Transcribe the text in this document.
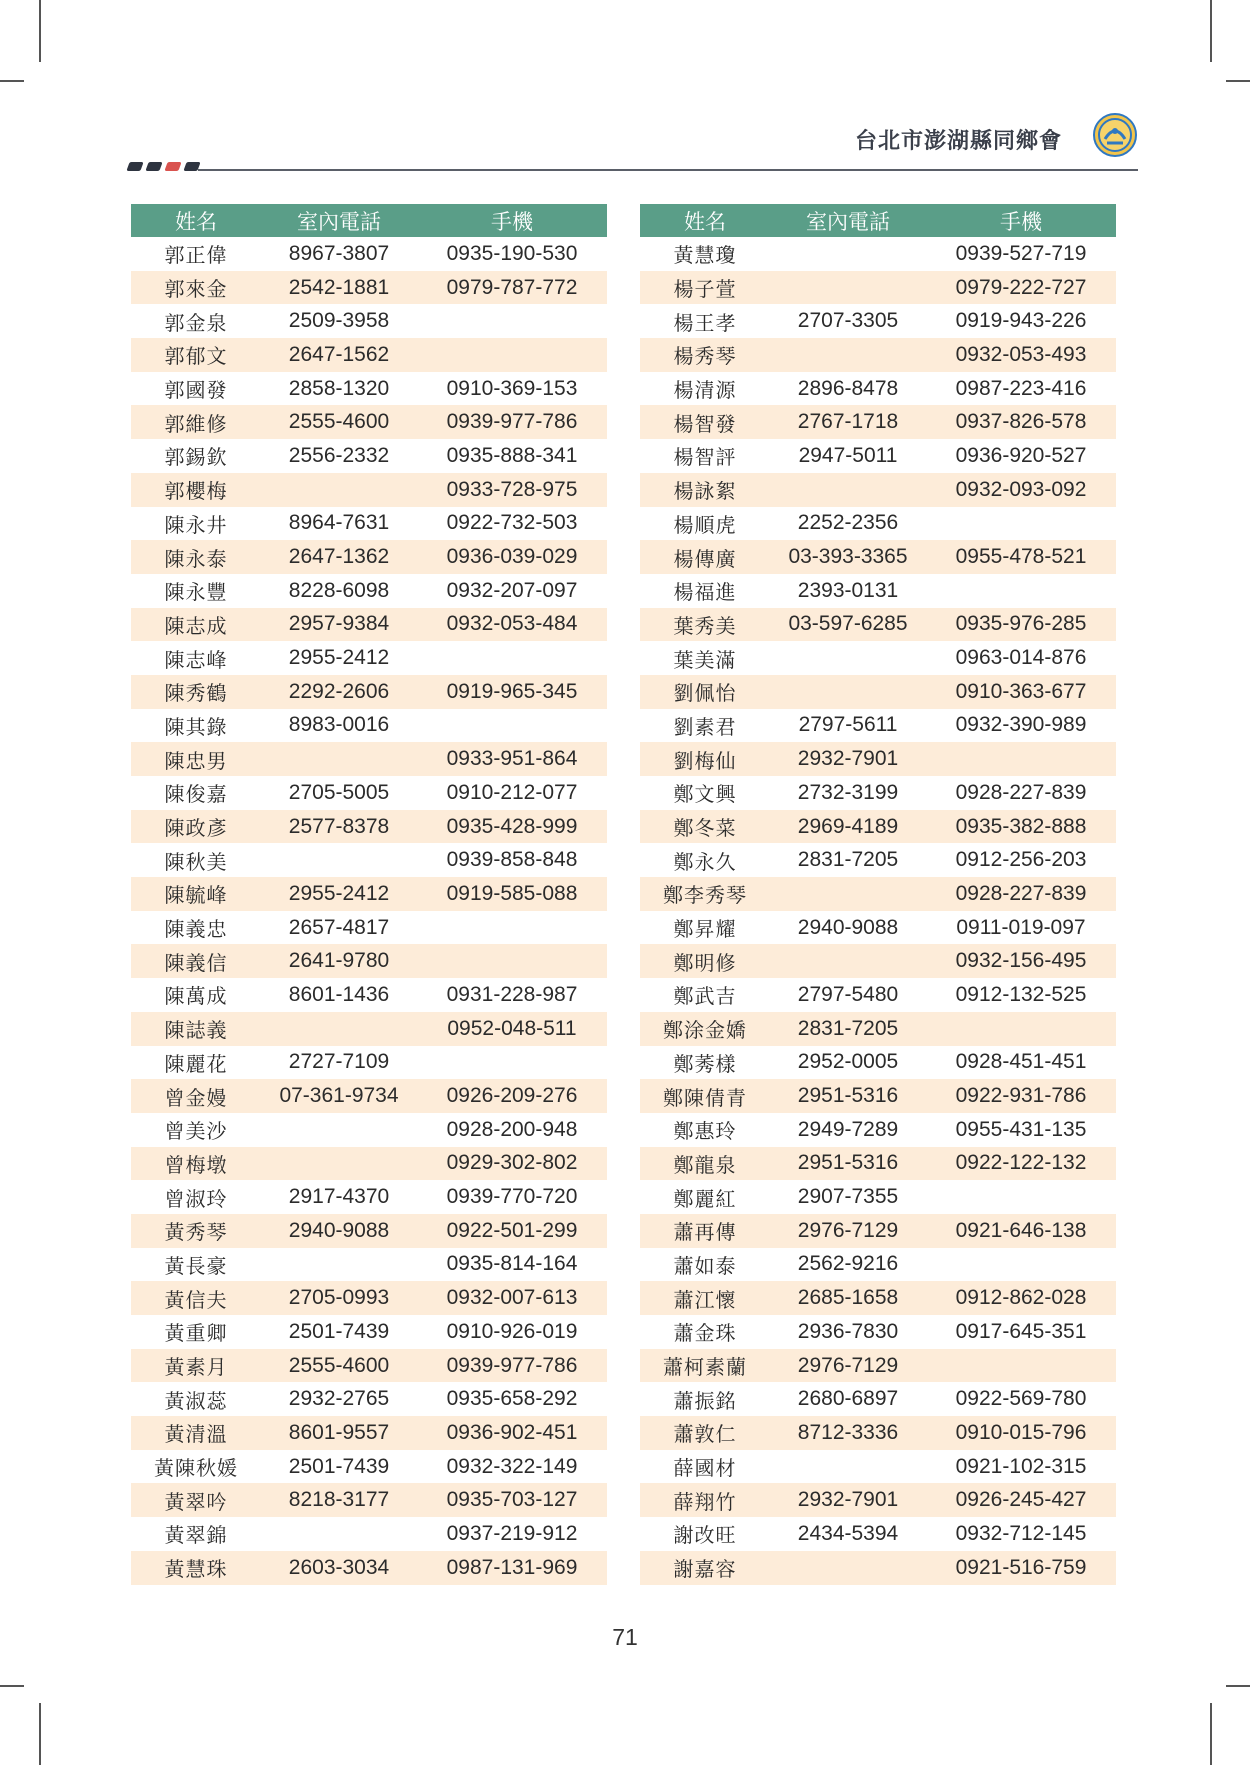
台北市澎湖縣同鄉會
姓名	室內電話	手機
郭正偉	8967-3807	0935-190-530
郭來金	2542-1881	0979-787-772
郭金泉	2509-3958	
郭郁文	2647-1562	
郭國發	2858-1320	0910-369-153
郭維修	2555-4600	0939-977-786
郭錫欽	2556-2332	0935-888-341
郭櫻梅		0933-728-975
陳永井	8964-7631	0922-732-503
陳永泰	2647-1362	0936-039-029
陳永豐	8228-6098	0932-207-097
陳志成	2957-9384	0932-053-484
陳志峰	2955-2412	
陳秀鶴	2292-2606	0919-965-345
陳其錄	8983-0016	
陳忠男		0933-951-864
陳俊嘉	2705-5005	0910-212-077
陳政彥	2577-8378	0935-428-999
陳秋美		0939-858-848
陳毓峰	2955-2412	0919-585-088
陳義忠	2657-4817	
陳義信	2641-9780	
陳萬成	8601-1436	0931-228-987
陳誌義		0952-048-511
陳麗花	2727-7109	
曾金嫚	07-361-9734	0926-209-276
曾美沙		0928-200-948
曾梅墩		0929-302-802
曾淑玲	2917-4370	0939-770-720
黃秀琴	2940-9088	0922-501-299
黃長豪		0935-814-164
黃信夫	2705-0993	0932-007-613
黃重卿	2501-7439	0910-926-019
黃素月	2555-4600	0939-977-786
黃淑蕊	2932-2765	0935-658-292
黃清溫	8601-9557	0936-902-451
黃陳秋媛	2501-7439	0932-322-149
黃翠吟	8218-3177	0935-703-127
黃翠錦		0937-219-912
黃慧珠	2603-3034	0987-131-969
姓名	室內電話	手機
黃慧瓊		0939-527-719
楊子萱		0979-222-727
楊王孝	2707-3305	0919-943-226
楊秀琴		0932-053-493
楊清源	2896-8478	0987-223-416
楊智發	2767-1718	0937-826-578
楊智評	2947-5011	0936-920-527
楊詠絮		0932-093-092
楊順虎	2252-2356	
楊傳廣	03-393-3365	0955-478-521
楊福進	2393-0131	
葉秀美	03-597-6285	0935-976-285
葉美滿		0963-014-876
劉佩怡		0910-363-677
劉素君	2797-5611	0932-390-989
劉梅仙	2932-7901	
鄭文興	2732-3199	0928-227-839
鄭冬菜	2969-4189	0935-382-888
鄭永久	2831-7205	0912-256-203
鄭李秀琴		0928-227-839
鄭昇耀	2940-9088	0911-019-097
鄭明修		0932-156-495
鄭武吉	2797-5480	0912-132-525
鄭涂金嬌	2831-7205	
鄭莠樣	2952-0005	0928-451-451
鄭陳倩青	2951-5316	0922-931-786
鄭惠玲	2949-7289	0955-431-135
鄭龍泉	2951-5316	0922-122-132
鄭麗紅	2907-7355	
蕭再傳	2976-7129	0921-646-138
蕭如泰	2562-9216	
蕭江懷	2685-1658	0912-862-028
蕭金珠	2936-7830	0917-645-351
蕭柯素蘭	2976-7129	
蕭振銘	2680-6897	0922-569-780
蕭敦仁	8712-3336	0910-015-796
薛國材		0921-102-315
薛翔竹	2932-7901	0926-245-427
謝改旺	2434-5394	0932-712-145
謝嘉容		0921-516-759
71
